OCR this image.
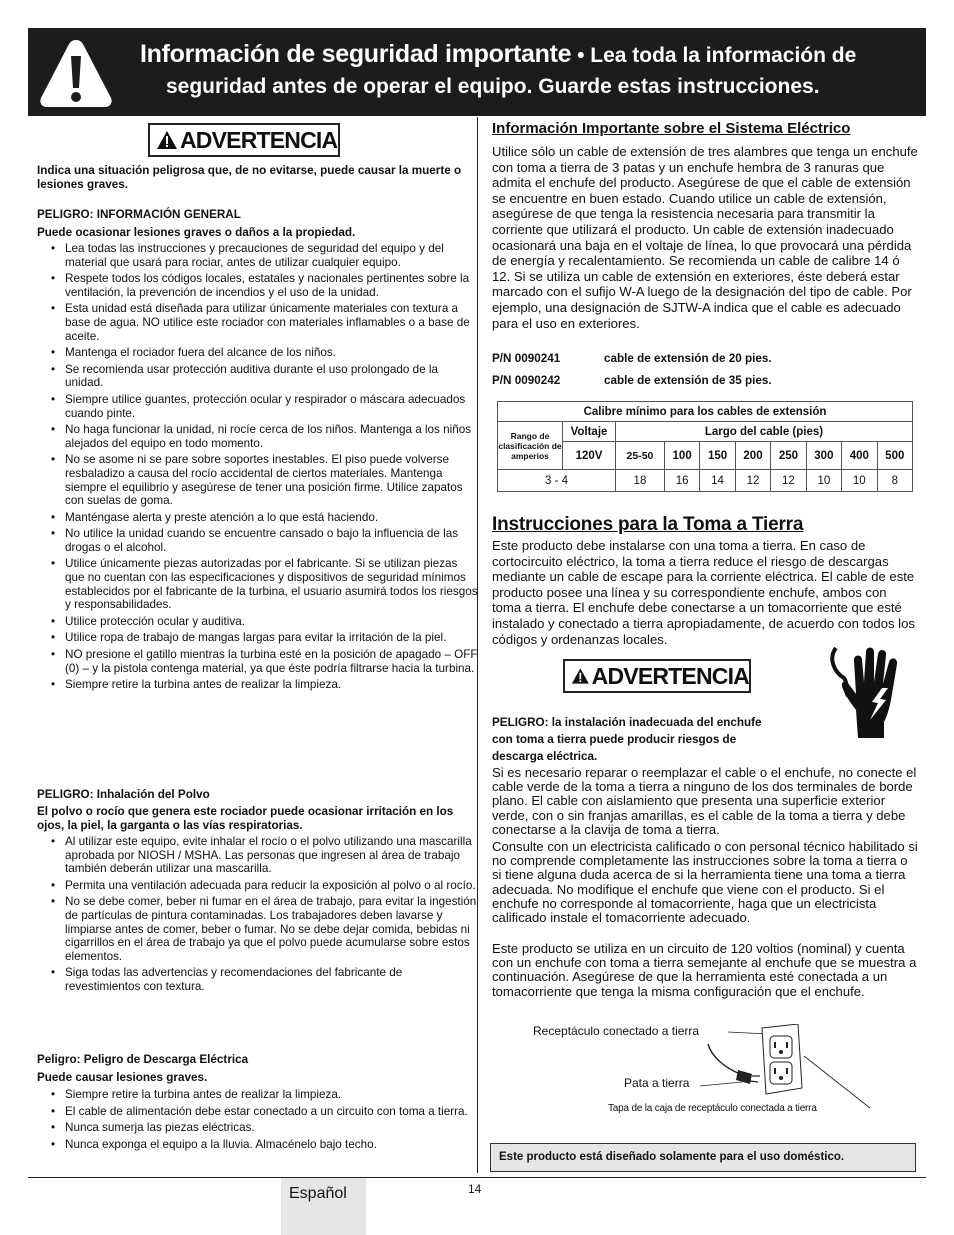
Información de seguridad importante • Lea toda la información de
seguridad antes de operar el equipo. Guarde estas instrucciones.
ADVERTENCIA
Indica una situación peligrosa que, de no evitarse, puede causar la muerte o lesiones graves.
PELIGRO: INFORMACIÓN GENERAL
Puede ocasionar lesiones graves o daños a la propiedad.
• Lea todas las instrucciones y precauciones de seguridad del equipo y del material que usará para rociar, antes de utilizar cualquier equipo.
• Respete todos los códigos locales, estatales y nacionales pertinentes sobre la ventilación, la prevención de incendios y el uso de la unidad.
• Esta unidad está diseñada para utilizar únicamente materiales con textura a base de agua. NO utilice este rociador con materiales inflamables o a base de aceite.
• Mantenga el rociador fuera del alcance de los niños.
• Se recomienda usar protección auditiva durante el uso prolongado de la unidad.
• Siempre utilice guantes, protección ocular y respirador o máscara adecuados cuando pinte.
• No haga funcionar la unidad, ni rocíe cerca de los niños. Mantenga a los niños alejados del equipo en todo momento.
• No se asome ni se pare sobre soportes inestables. El piso puede volverse resbaladizo a causa del rocío accidental de ciertos materiales. Mantenga siempre el equilibrio y asegúrese de tener una posición firme. Utilice zapatos con suelas de goma.
• Manténgase alerta y preste atención a lo que está haciendo.
• No utilice la unidad cuando se encuentre cansado o bajo la influencia de las drogas o el alcohol.
• Utilice únicamente piezas autorizadas por el fabricante. Si se utilizan piezas que no cuentan con las especificaciones y dispositivos de seguridad mínimos establecidos por el fabricante de la turbina, el usuario asumirá todos los riesgos y responsabilidades.
• Utilice protección ocular y auditiva.
• Utilice ropa de trabajo de mangas largas para evitar la irritación de la piel.
• NO presione el gatillo mientras la turbina esté en la posición de apagado – OFF (0) – y la pistola contenga material, ya que éste podría filtrarse hacia la turbina.
• Siempre retire la turbina antes de realizar la limpieza.
PELIGRO: Inhalación del Polvo
El polvo o rocío que genera este rociador puede ocasionar irritación en los ojos, la piel, la garganta o las vías respiratorias.
• Al utilizar este equipo, evite inhalar el rocío o el polvo utilizando una mascarilla aprobada por NIOSH / MSHA. Las personas que ingresen al área de trabajo también deberán utilizar una mascarilla.
• Permita una ventilación adecuada para reducir la exposición al polvo o al rocío.
• No se debe comer, beber ni fumar en el área de trabajo, para evitar la ingestión de partículas de pintura contaminadas. Los trabajadores deben lavarse y limpiarse antes de comer, beber o fumar. No se debe dejar comida, bebidas ni cigarrillos en el área de trabajo ya que el polvo puede acumularse sobre estos elementos.
• Siga todas las advertencias y recomendaciones del fabricante de revestimientos con textura.
Peligro: Peligro de Descarga Eléctrica
Puede causar lesiones graves.
• Siempre retire la turbina antes de realizar la limpieza.
• El cable de alimentación debe estar conectado a un circuito con toma a tierra.
• Nunca sumerja las piezas eléctricas.
• Nunca exponga el equipo a la lluvia. Almacénelo bajo techo.
Información Importante sobre el Sistema Eléctrico
Utilice sólo un cable de extensión de tres alambres que tenga un enchufe con toma a tierra de 3 patas y un enchufe hembra de 3 ranuras que admita el enchufe del producto. Asegúrese de que el cable de extensión se encuentre en buen estado. Cuando utilice un cable de extensión, asegúrese de que tenga la resistencia necesaria para transmitir la corriente que utilizará el producto. Un cable de extensión inadecuado ocasionará una baja en el voltaje de línea, lo que provocará una pérdida de energía y recalentamiento. Se recomienda un cable de calibre 14 ó 12. Si se utiliza un cable de extensión en exteriores, éste deberá estar marcado con el sufijo W-A luego de la designación del tipo de cable. Por ejemplo, una designación de SJTW-A indica que el cable es adecuado para el uso en exteriores.
P/N 0090241	cable de extensión de 20 pies.
P/N 0090242	cable de extensión de 35 pies.
Calibre mínimo para los cables de extensión									
Rango de clasificación de amperios	Voltaje	Largo del cable (pies)							
	120V	25-50	100	150	200	250	300	400	500
3 - 4		18	16	14	12	12	10	10	8
Instrucciones para la Toma a Tierra
Este producto debe instalarse con una toma a tierra. En caso de cortocircuito eléctrico, la toma a tierra reduce el riesgo de descargas mediante un cable de escape para la corriente eléctrica. El cable de este producto posee una línea y su correspondiente enchufe, ambos con toma a tierra. El enchufe debe conectarse a un tomacorriente que esté instalado y conectado a tierra apropiadamente, de acuerdo con todos los códigos y ordenanzas locales.
ADVERTENCIA
PELIGRO: la instalación inadecuada del enchufe
con toma a tierra puede producir riesgos de
descarga eléctrica.
Si es necesario reparar o reemplazar el cable o el enchufe, no conecte el cable verde de la toma a tierra a ninguno de los dos terminales de borde plano. El cable con aislamiento que presenta una superficie exterior verde, con o sin franjas amarillas, es el cable de la toma a tierra y debe conectarse a la clavija de toma a tierra.
Consulte con un electricista calificado o con personal técnico habilitado si no comprende completamente las instrucciones sobre la toma a tierra o si tiene alguna duda acerca de si la herramienta tiene una toma a tierra adecuada. No modifique el enchufe que viene con el producto. Si el enchufe no corresponde al tomacorriente, haga que un electricista calificado instale el tomacorriente adecuado.
Este producto se utiliza en un circuito de 120 voltios (nominal) y cuenta con un enchufe con toma a tierra semejante al enchufe que se muestra a continuación. Asegúrese de que la herramienta esté conectada a un tomacorriente que tenga la misma configuración que el enchufe.
Receptáculo conectado a tierra
Pata a tierra
Tapa de la caja de receptáculo conectada a tierra
Este producto está diseñado solamente para el uso doméstico.
Español	14
